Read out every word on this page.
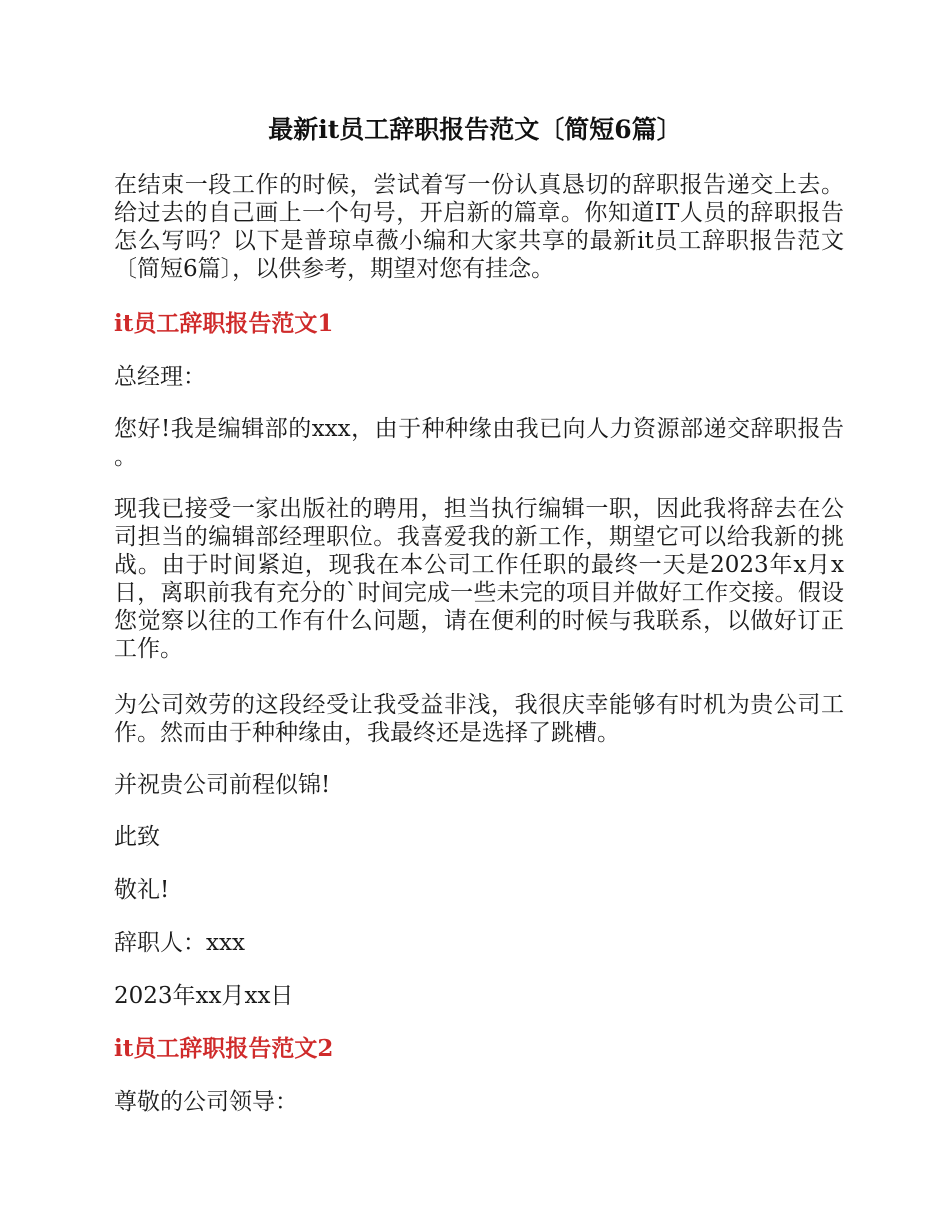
最新it员工辞职报告范文〔简短6篇〕

在结束一段工作的时候，尝试着写一份认真恳切的辞职报告递交上去。给过去的自己画上一个句号，开启新的篇章。你知道IT人员的辞职报告怎么写吗？以下是普琼卓薇小编和大家共享的最新it员工辞职报告范文〔简短6篇〕，以供参考，期望对您有挂念。

it员工辞职报告范文1

总经理：

您好!我是编辑部的xxx，由于种种缘由我已向人力资源部递交辞职报告 。

现我已接受一家出版社的聘用，担当执行编辑一职，因此我将辞去在公司担当的编辑部经理职位。我喜爱我的新工作，期望它可以给我新的挑战。由于时间紧迫，现我在本公司工作任职的最终一天是2023年x月x日，离职前我有充分的`时间完成一些未完的项目并做好工作交接。假设您觉察以往的工作有什么问题，请在便利的时候与我联系，以做好订正工作。

为公司效劳的这段经受让我受益非浅，我很庆幸能够有时机为贵公司工作。然而由于种种缘由，我最终还是选择了跳槽。

并祝贵公司前程似锦!

此致

敬礼!

辞职人：xxx

2023年xx月xx日

it员工辞职报告范文2

尊敬的公司领导：
